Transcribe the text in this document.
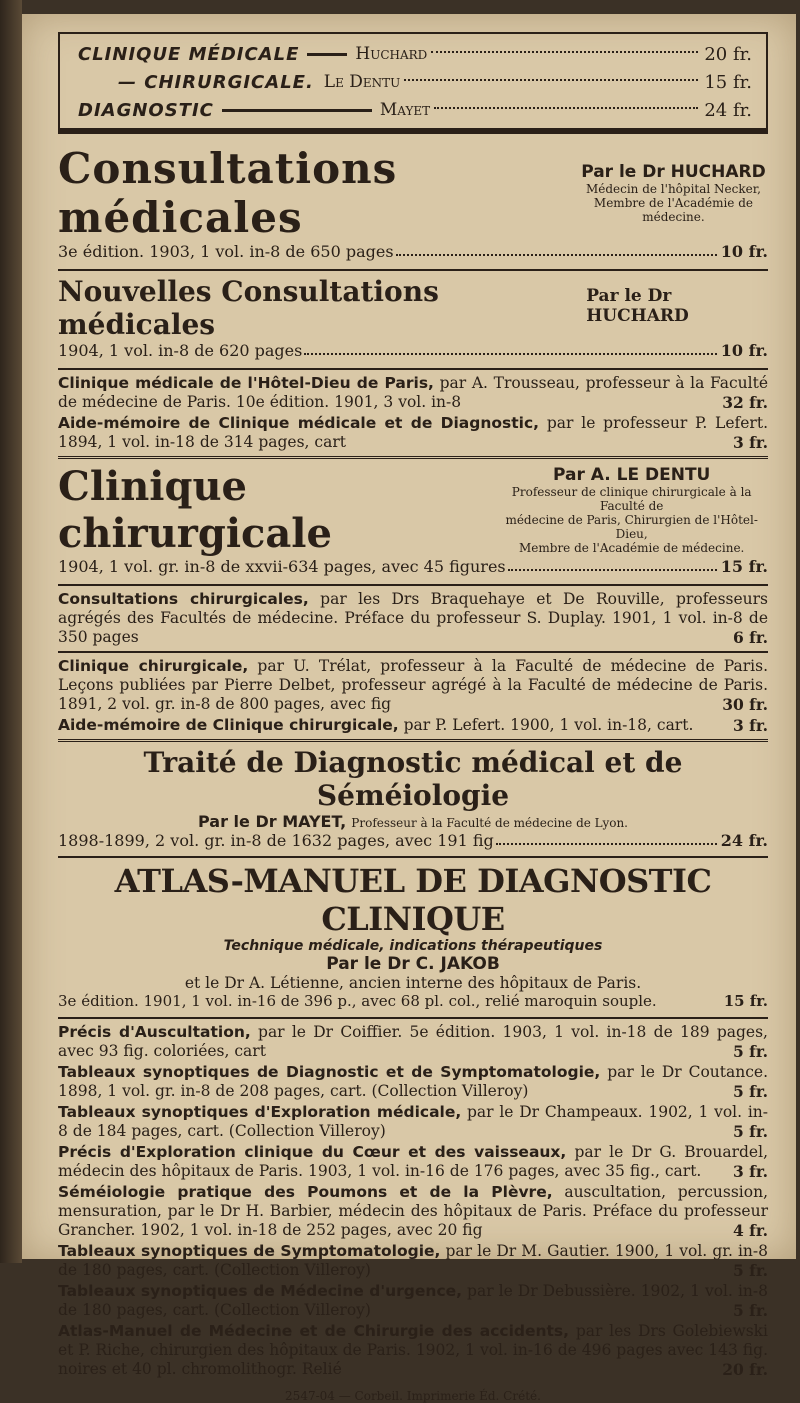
CLINIQUE MÉDICALE	Huchard	20 fr.
— CHIRURGICALE. Le Dentu	15 fr.
DIAGNOSTIC	Mayet	24 fr.
Consultations médicales
Par le Dr HUCHARD
Médecin de l'hôpital Necker,
Membre de l'Académie de médecine.
3e édition. 1903, 1 vol. in-8 de 650 pages	10 fr.
Nouvelles Consultations médicales
Par le Dr HUCHARD
1904, 1 vol. in-8 de 620 pages	10 fr.
Clinique médicale de l'Hôtel-Dieu de Paris, par A. Trousseau, professeur à la Faculté de médecine de Paris. 10e édition. 1901, 3 vol. in-8	32 fr.
Aide-mémoire de Clinique médicale et de Diagnostic, par le professeur P. Lefert. 1894, 1 vol. in-18 de 314 pages, cart	3 fr.
Clinique chirurgicale
Par A. LE DENTU
Professeur de clinique chirurgicale à la Faculté de
médecine de Paris, Chirurgien de l'Hôtel-Dieu,
Membre de l'Académie de médecine.
1904, 1 vol. gr. in-8 de xxvii-634 pages, avec 45 figures	15 fr.
Consultations chirurgicales, par les Drs Braquehaye et De Rouville, professeurs agrégés des Facultés de médecine. Préface du professeur S. Duplay. 1901, 1 vol. in-8 de 350 pages	6 fr.
Clinique chirurgicale, par U. Trélat, professeur à la Faculté de médecine de Paris. Leçons publiées par Pierre Delbet, professeur agrégé à la Faculté de médecine de Paris. 1891, 2 vol. gr. in-8 de 800 pages, avec fig	30 fr.
Aide-mémoire de Clinique chirurgicale, par P. Lefert. 1900, 1 vol. in-18, cart.	3 fr.
Traité de Diagnostic médical et de Séméiologie
Par le Dr MAYET, Professeur à la Faculté de médecine de Lyon.
1898-1899, 2 vol. gr. in-8 de 1632 pages, avec 191 fig	24 fr.
ATLAS-MANUEL DE DIAGNOSTIC CLINIQUE
Technique médicale, indications thérapeutiques
Par le Dr C. JAKOB
et le Dr A. Létienne, ancien interne des hôpitaux de Paris.
3e édition. 1901, 1 vol. in-16 de 396 p., avec 68 pl. col., relié maroquin souple.	15 fr.
Précis d'Auscultation, par le Dr Coiffier. 5e édition. 1903, 1 vol. in-18 de 189 pages, avec 93 fig. coloriées, cart	5 fr.
Tableaux synoptiques de Diagnostic et de Symptomatologie, par le Dr Coutance. 1898, 1 vol. gr. in-8 de 208 pages, cart. (Collection Villeroy)	5 fr.
Tableaux synoptiques d'Exploration médicale, par le Dr Champeaux. 1902, 1 vol. in-8 de 184 pages, cart. (Collection Villeroy)	5 fr.
Précis d'Exploration clinique du Cœur et des vaisseaux, par le Dr G. Brouardel, médecin des hôpitaux de Paris. 1903, 1 vol. in-16 de 176 pages, avec 35 fig., cart. 3 fr.
Séméiologie pratique des Poumons et de la Plèvre, auscultation, percussion, mensuration, par le Dr H. Barbier, médecin des hôpitaux de Paris. Préface du professeur Grancher. 1902, 1 vol. in-18 de 252 pages, avec 20 fig	4 fr.
Tableaux synoptiques de Symptomatologie, par le Dr M. Gautier. 1900, 1 vol. gr. in-8 de 180 pages, cart. (Collection Villeroy)	5 fr.
Tableaux synoptiques de Médecine d'urgence, par le Dr Debussière. 1902, 1 vol. in-8 de 180 pages, cart. (Collection Villeroy)	5 fr.
Atlas-Manuel de Médecine et de Chirurgie des accidents, par les Drs Golebiewski et P. Riche, chirurgien des hôpitaux de Paris. 1902, 1 vol. in-16 de 496 pages avec 143 fig. noires et 40 pl. chromolithogr. Relié	20 fr.
2547-04 — Corbeil. Imprimerie Éd. Crété.
